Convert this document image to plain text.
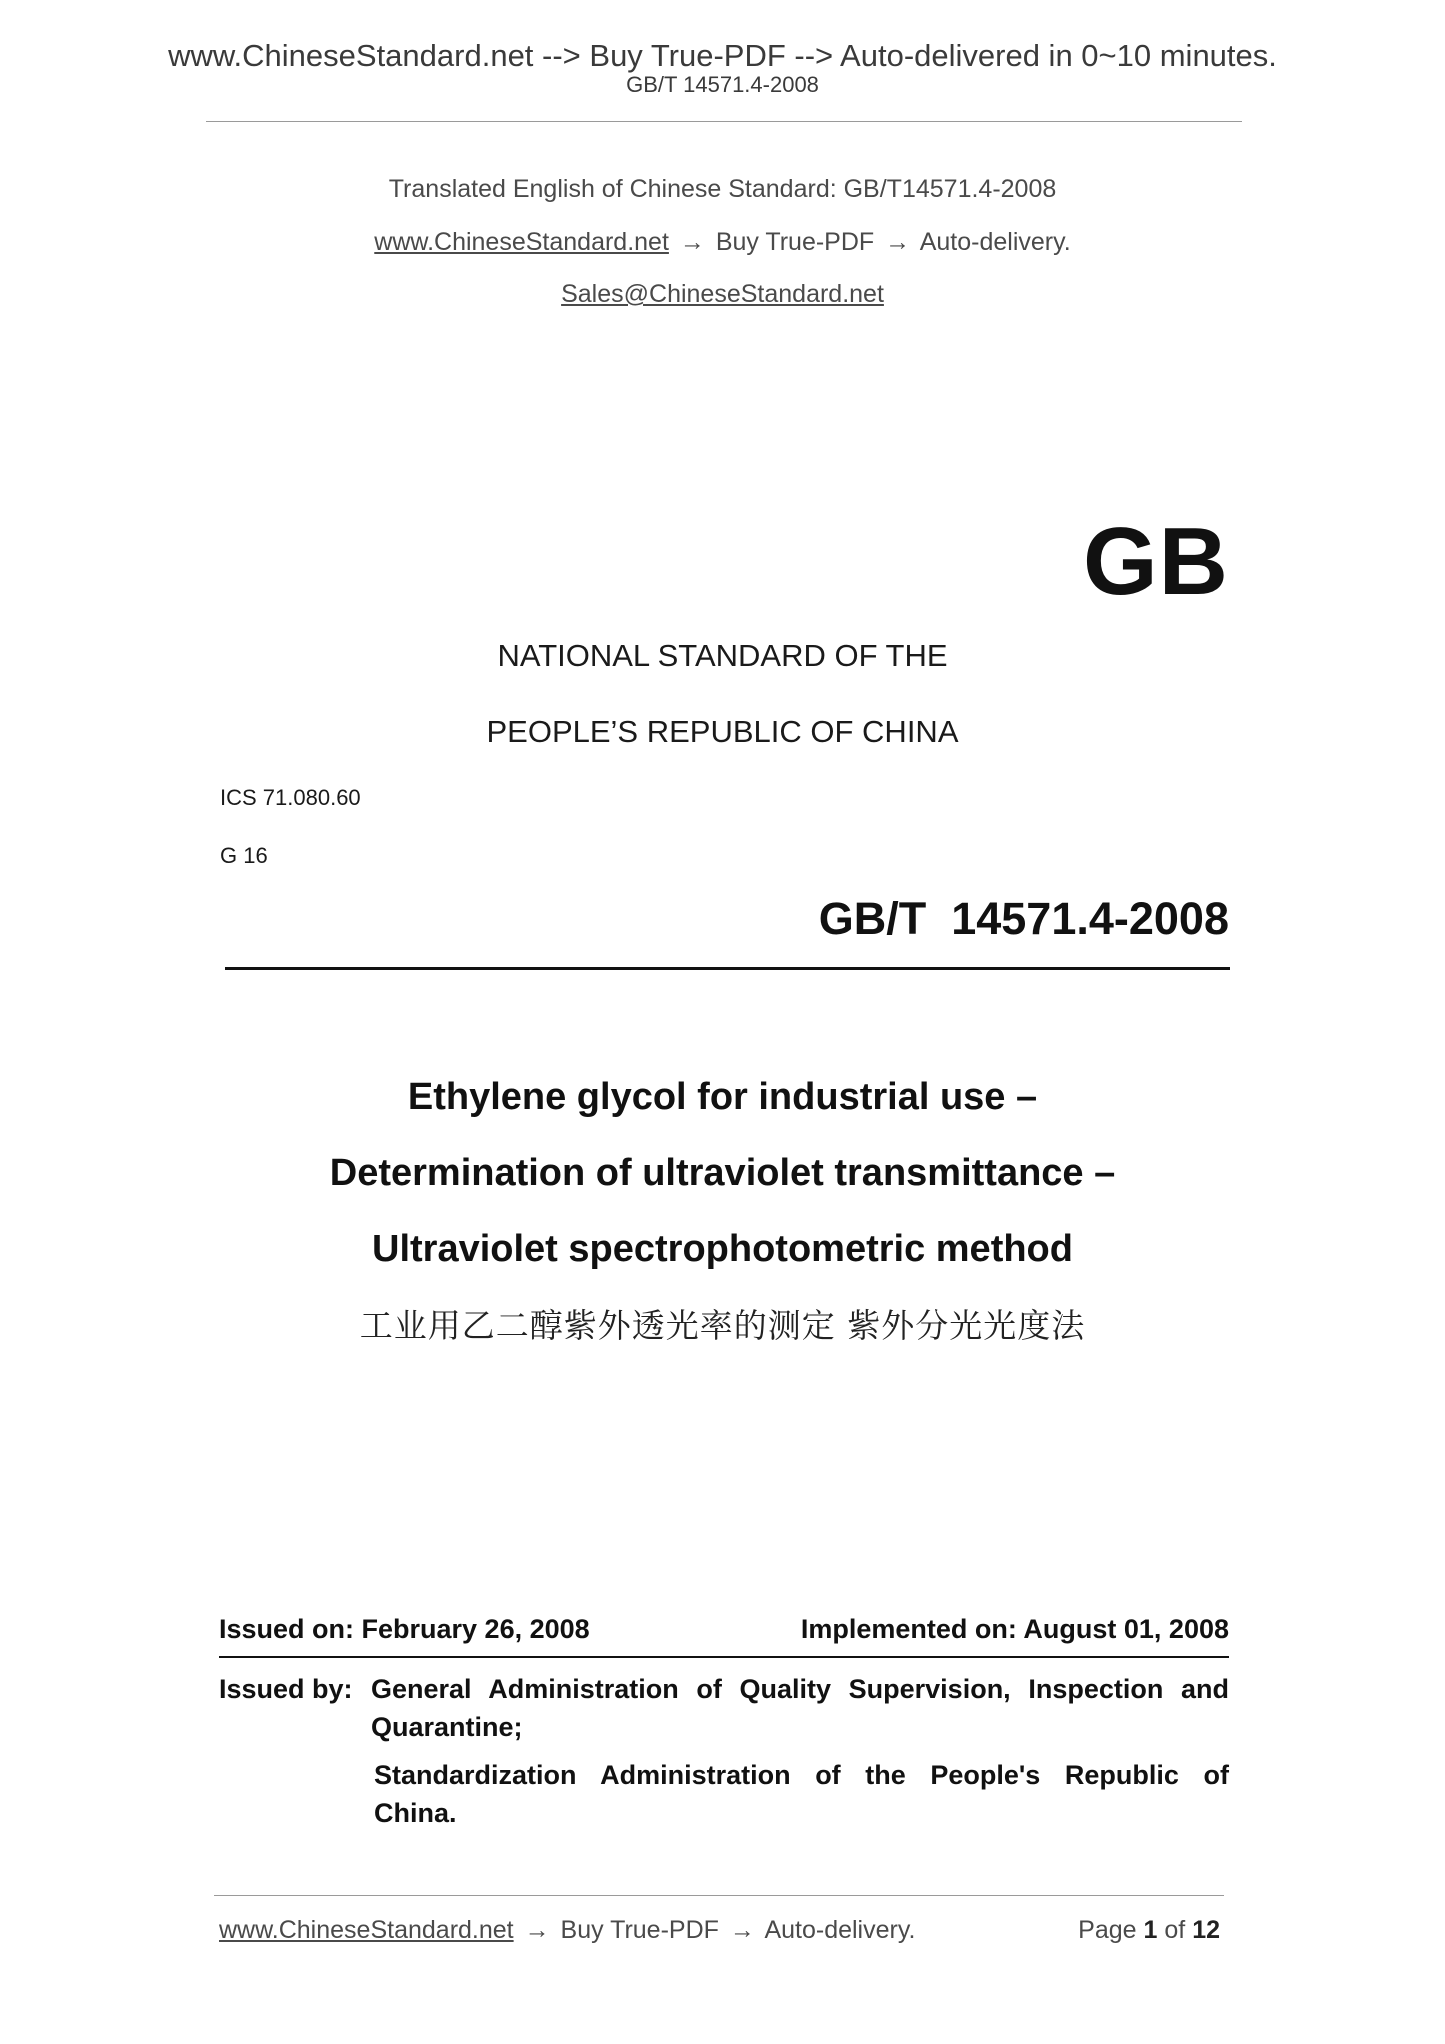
www.ChineseStandard.net --> Buy True-PDF --> Auto-delivered in 0~10 minutes.
GB/T 14571.4-2008
Translated English of Chinese Standard: GB/T14571.4-2008
www.ChineseStandard.net → Buy True-PDF → Auto-delivery.
Sales@ChineseStandard.net
GB
NATIONAL STANDARD OF THE
PEOPLE’S REPUBLIC OF CHINA
ICS 71.080.60
G 16
GB/T  14571.4-2008
Ethylene glycol for industrial use –
Determination of ultraviolet transmittance –
Ultraviolet spectrophotometric method
工业用乙二醇紫外透光率的测定 紫外分光光度法
Issued on: February 26, 2008	Implemented on: August 01, 2008
Issued by: General Administration of Quality Supervision, Inspection and
Quarantine;
Standardization Administration of the People's Republic of
China.
www.ChineseStandard.net → Buy True-PDF → Auto-delivery.	Page 1 of 12
